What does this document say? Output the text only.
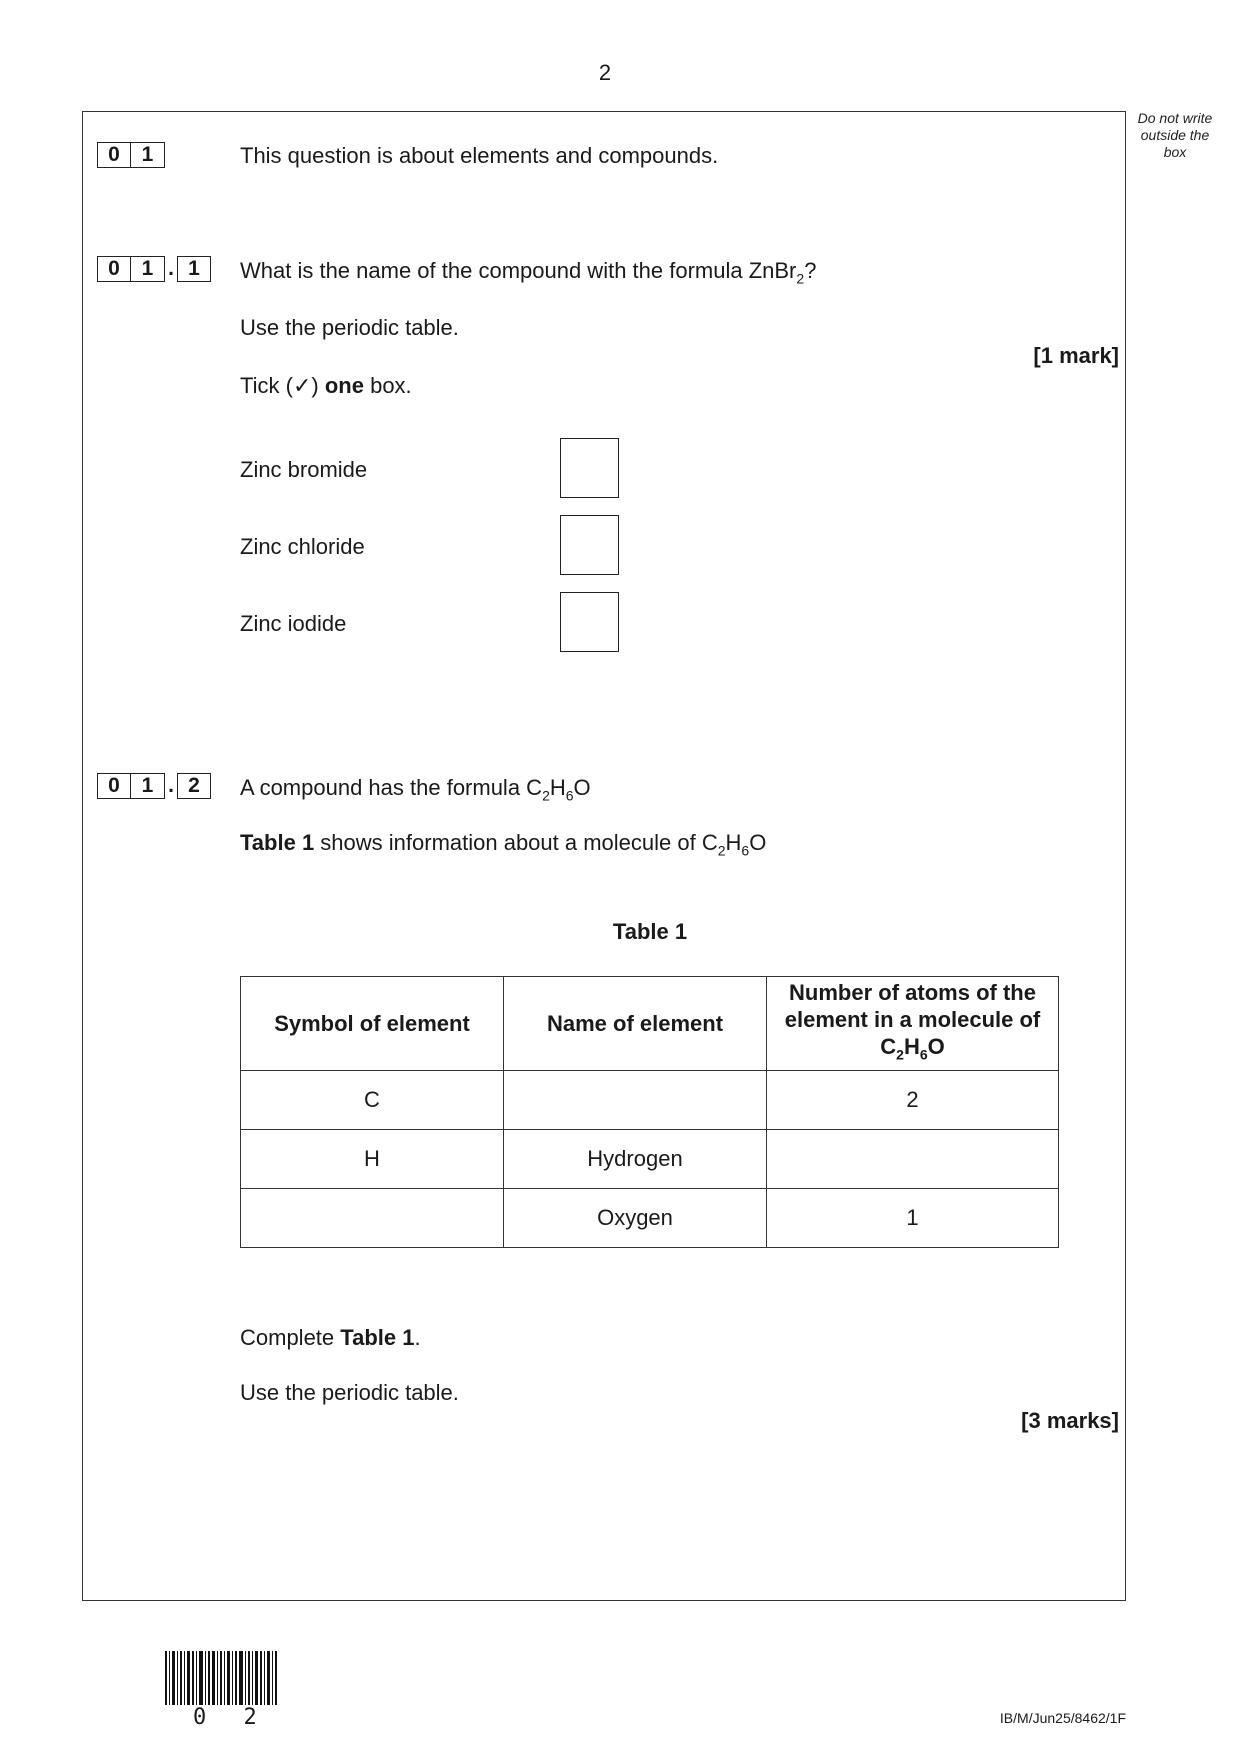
2
Do not write outside the box
0	1	This question is about elements and compounds.
0	1 . 1	What is the name of the compound with the formula ZnBr$_2$?
Use the periodic table.
[1 mark]
Tick (✓) one box.
Zinc bromide
Zinc chloride
Zinc iodide
0	1 . 2	A compound has the formula $C_2H_6O$
Table 1 shows information about a molecule of $C_2H_6O$
Table 1
Symbol of element	Name of element	Number of atoms of the element in a molecule of $C_2H_6O$
C		2
H	Hydrogen	
	Oxygen	1
Complete Table 1.
Use the periodic table.
[3 marks]
0 2	IB/M/Jun25/8462/1F
